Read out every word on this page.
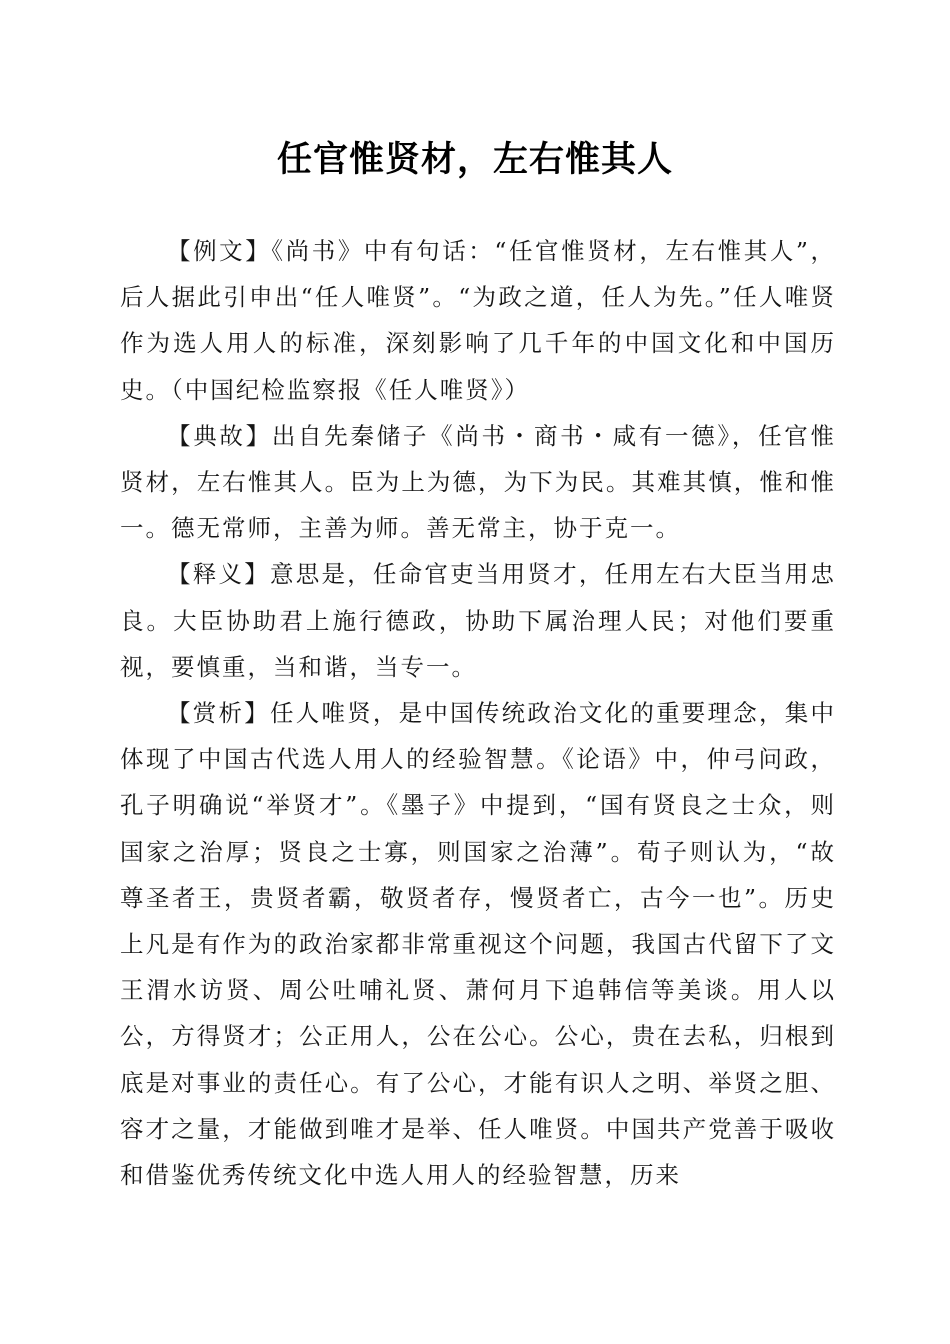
任官惟贤材，左右惟其人

【例文】《尚书》中有句话：“任官惟贤材，左右惟其人”，后人据此引申出“任人唯贤”。“为政之道，任人为先。”任人唯贤作为选人用人的标准，深刻影响了几千年的中国文化和中国历史。（中国纪检监察报《任人唯贤》）

【典故】出自先秦储子《尚书・商书・咸有一德》，任官惟贤材，左右惟其人。臣为上为德，为下为民。其难其慎，惟和惟一。德无常师，主善为师。善无常主，协于克一。

【释义】意思是，任命官吏当用贤才，任用左右大臣当用忠良。大臣协助君上施行德政，协助下属治理人民；对他们要重视，要慎重，当和谐，当专一。

【赏析】任人唯贤，是中国传统政治文化的重要理念，集中体现了中国古代选人用人的经验智慧。《论语》中，仲弓问政，孔子明确说“举贤才”。《墨子》中提到，“国有贤良之士众，则国家之治厚；贤良之士寡，则国家之治薄”。荀子则认为，“故尊圣者王，贵贤者霸，敬贤者存，慢贤者亡，古今一也”。历史上凡是有作为的政治家都非常重视这个问题，我国古代留下了文王渭水访贤、周公吐哺礼贤、萧何月下追韩信等美谈。用人以公，方得贤才；公正用人，公在公心。公心，贵在去私，归根到底是对事业的责任心。有了公心，才能有识人之明、举贤之胆、容才之量，才能做到唯才是举、任人唯贤。中国共产党善于吸收和借鉴优秀传统文化中选人用人的经验智慧，历来
